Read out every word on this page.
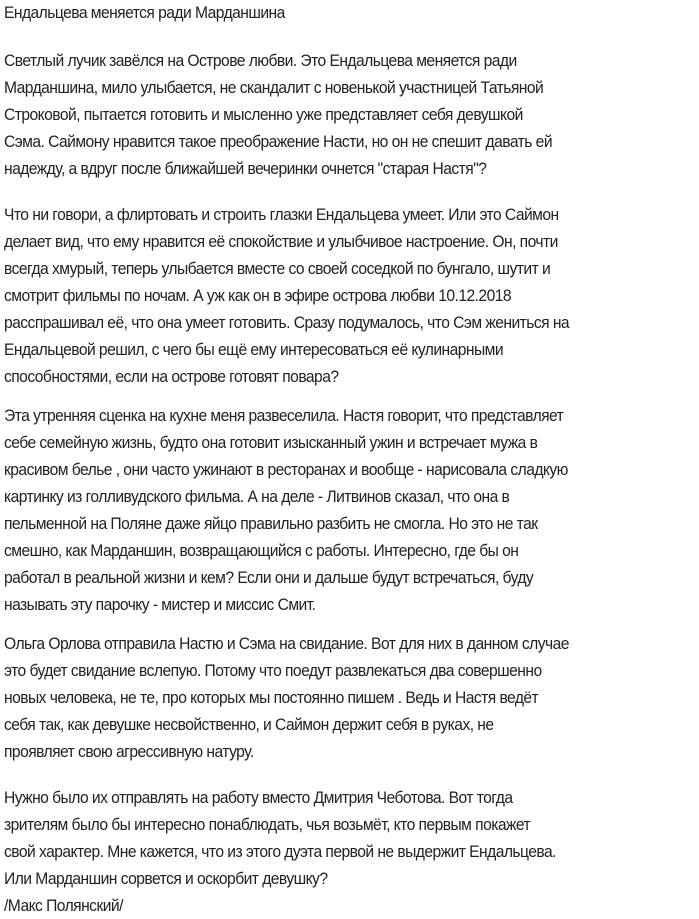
Ендальцева меняется ради Марданшина
Светлый лучик завёлся на Острове любви. Это Ендальцева меняется ради
Марданшина, мило улыбается, не скандалит с новенькой участницей Татьяной
Строковой, пытается готовить и мысленно уже представляет себя девушкой
Сэма. Саймону нравится такое преображение Насти, но он не спешит давать ей
надежду, а вдруг после ближайшей вечеринки очнется "старая Настя"?
Что ни говори, а флиртовать и строить глазки Ендальцева умеет. Или это Саймон
делает вид, что ему нравится её спокойствие и улыбчивое настроение. Он, почти
всегда хмурый, теперь улыбается вместе со своей соседкой по бунгало, шутит и
смотрит фильмы по ночам. А уж как он в эфире острова любви 10.12.2018
расспрашивал её, что она умеет готовить. Сразу подумалось, что Сэм жениться на
Ендальцевой решил, с чего бы ещё ему интересоваться её кулинарными
способностями, если на острове готовят повара?
Эта утренняя сценка на кухне меня развеселила. Настя говорит, что представляет
себе семейную жизнь, будто она готовит изысканный ужин и встречает мужа в
красивом белье , они часто ужинают в ресторанах и вообще - нарисовала сладкую
картинку из голливудского фильма. А на деле - Литвинов сказал, что она в
пельменной на Поляне даже яйцо правильно разбить не смогла. Но это не так
смешно, как Марданшин, возвращающийся с работы. Интересно, где бы он
работал в реальной жизни и кем? Если они и дальше будут встречаться, буду
называть эту парочку - мистер и миссис Смит.
Ольга Орлова отправила Настю и Сэма на свидание. Вот для них в данном случае
это будет свидание вслепую. Потому что поедут развлекаться два совершенно
новых человека, не те, про которых мы постоянно пишем . Ведь и Настя ведёт
себя так, как девушке несвойственно, и Саймон держит себя в руках, не
проявляет свою агрессивную натуру.
Нужно было их отправлять на работу вместо Дмитрия Чеботова. Вот тогда
зрителям было бы интересно понаблюдать, чья возьмёт, кто первым покажет
свой характер. Мне кажется, что из этого дуэта первой не выдержит Ендальцева.
Или Марданшин сорвется и оскорбит девушку?
/Макс Полянский/
